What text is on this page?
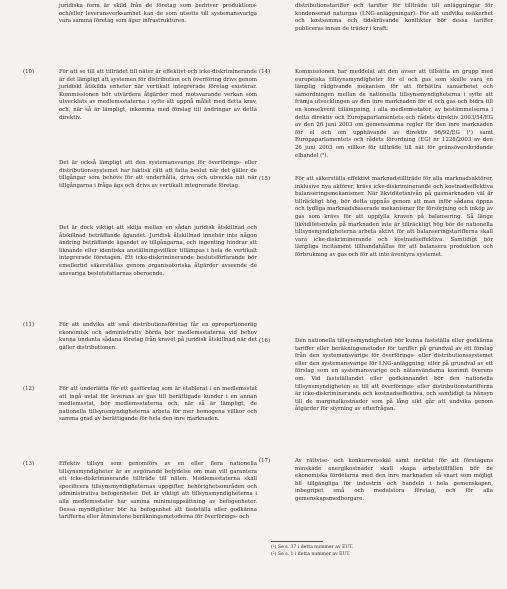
juridiska form är skild från de företag som bedriver produktions- och/eller leveransverksamhet kan de som utsetts till systemansvariga vara samma företag som äger infrastrukturen.

(10)	För att se till att tillrädet till näter är effektivt och icke-diskriminerande är det lämpligt att systemen för distribution och överföring drivs genom juridiskt åtskilda enheter när vertikalt integrerade företag existerar. Kommissionen bör utvärdera åtgärder med motsvarande verkan som utvecklats av medlemsstaterna i syfte att uppnå målet med detta krav, och, när så är lämpligt, inkomma med förslag till ändringar av detta direktiv.

Det är också lämpligt att den systemansvarige för överförings- eller distributionssystemet har faktisk rätt att fatta beslut när det gäller de tillgångar som behövs för att underhålla, driva och utveckla nät när tillgångarna i fråga ägs och drivs av vertikalt integrerade företag.

Det är dock viktigt att skilja mellan en sådan juridisk åtskillnad och åtskillnad beträffande ägandet. Juridisk åtskillnad innebär inte någon ändring beträffande ägandet av tillgångarna, och ingenting hindrar att liknande eller identiska anställningsvillkor tillämpas i hela de vertikalt integrerade företagen. Ett icke-diskriminerande beslutsförfarande bör emellertid säkerställas genom organisatoriska åtgärder avseende de ansvariga beslutsfattarnas oberoende.

(11)	För att undvika att små distributionsföretag får en oproportionerlig ekonomisk och administrativ börda bör medlemsstaterna vid behov kunna undanta sådana företag från kravet på juridisk åtskillnad när det gäller distributionen.

(12)	För att underlätta för ett gasföretag som är etablerat i en medlemsstat att ingå avtal för leverans av gas till berättigade kunder i en annan medlemsstat, bör medlemsstaterna och, när så är lämpligt, de nationella tillsynsmyndigheterna arbeta för mer homogena villkor och samma grad av berättigande för hela den inre marknaden.

(13)	Effektiv tillsyn som genomförs av en eller flera nationella tillsynsmyndigheter är av avgörande betydelse om man vill garantera ett icke-diskriminerande tillträde till näten. Medlemsstaterna skall specificera tillsynsmyndigheternas uppgifter, behörighetsområden och administrativa befogenheter. Det är viktigt att tillsynsmyndigheterna i alla medlemsstater har samma minimiuppsättning av befogenheter. Dessa myndigheter bör ha befogenhet att fastställa eller godkänna tarifferna eller åtminstone beräkningsmetoderna för överförings- och

distributionstariffer och tariffer för tillträde till anläggningar för kondenserad naturgas (LNG-anläggningar). För att undvika osäkerhet och kostsamma och tidskrävande konflikter bör dessa tariffer publiceras innan de träder i kraft.

(14)	Kommissionen har meddelat att den avser att tillsätta en grupp med europeiska tillsynsmyndigheter för el och gas som skulle vara en lämplig rådgivande mekanism för att förbättra samarbetet och samordningen mellan de nationella tillsynsmyndigheterna i syfte att främja utvecklingen av den inre marknaden för el och gas och bidra till en konsekvent tillämpning, i alla medlemsstater, av bestämmelserna i detta direktiv och Europaparlamentets och rådets direktiv 2003/54/EG av den 26 juni 2003 om gemensamma regler för den inre marknaden för el och om upphävande av direktiv 96/92/EG (¹) samt Europaparlamentets och rådets förordning (EG) nr 1228/2003 av den 26 juni 2003 om villkor för tillträde till nät för gränsöverskridande elhandel (²).

(15)	För att säkerställa effektivt marknadstillträde för alla marknadsaktörer, inklusive nya aktörer, krävs icke-diskriminerande och kostnadseffektiva balanseringsmekanismer. När likviditetsnivån på gasmarknaden väl är tillräckligt hög, bör detta uppnås genom att man inför sådana öppna och tydliga marknadsbaserade mekanismer för försörjning och inköp av gas som krävs för att uppfylla kraven på balansering. Så länge likviditetsnivån på marknaden inte är tillräckligt hög bör de nationella tillsynsmyndigheterna arbeta aktivt för att balanseringstarifferna skall vara icke-diskriminerande och kostnadseffektiva. Samtidigt bör lämpliga incitament tillhandahållas för att balansera produktion och förbrukning av gas och för att inte äventyra systemet.

(16)	Den nationella tillsynsmyndigheten bör kunna fastställa eller godkänna tariffer eller beräkningsmetoder för tariffer på grundval av ett förslag från den systemansvarige för överförings- eller distributionssystemet eller den systemansvarige för LNG-anläggning, eller på grundval av ett förslag som en systemansvarige och nätanvändarna kommit överens om. Vid fastställandet eller godkännandet bör den nationella tillsynsmyndigheten se till att överförings- eller distributionstarifferna är icke-diskriminerande och kostnadseffektiva, och samtidigt ta hänsyn till de marginalkostnader som på lång sikt går att undvika genom åtgärder för styrning av efterfrågan.

(17)	Av rättvise- och konkurrensskäl samt inriktat för att företagens minskade energikostnader skall skapa arbetstillfällen bör de ekonomiska fördelarna med den inre marknaden så snart som möjligt bli tillgängliga för industrin och handeln i hela gemenskapen, inbegripet små och medelstora företag, och för alla gemenskapsmedborgare.

(¹) Se s. 37 i detta nummer av EUT.

(²) Se s. 1 i detta nummer av EUT.
